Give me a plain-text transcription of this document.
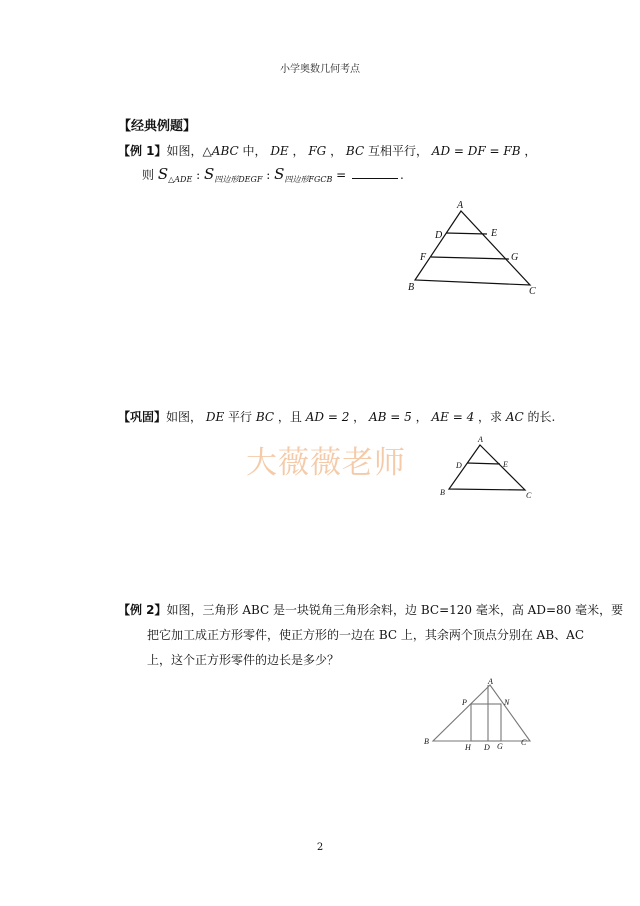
小学奥数几何考点
【经典例题】
【例 1】如图，△ABC 中， DE ， FG ， BC 互相平行， AD = DF = FB ，
则 $S_{\triangle ADE}$ : $S_{四边形DEGF}$ : $S_{四边形FGCB}$ =	.
A
D	E
F	G
B	C
【巩固】如图， DE 平行 BC ，且 AD = 2 ， AB = 5 ， AE = 4 ，求 AC 的长.
大薇薇老师
A
D	E
B	C
【例 2】如图，三角形 ABC 是一块锐角三角形余料，边 BC=120 毫米，高 AD=80 毫米，要
把它加工成正方形零件，使正方形的一边在 BC 上，其余两个顶点分别在 AB、AC
上，这个正方形零件的边长是多少？
A
P	N
B
H D G C
2
